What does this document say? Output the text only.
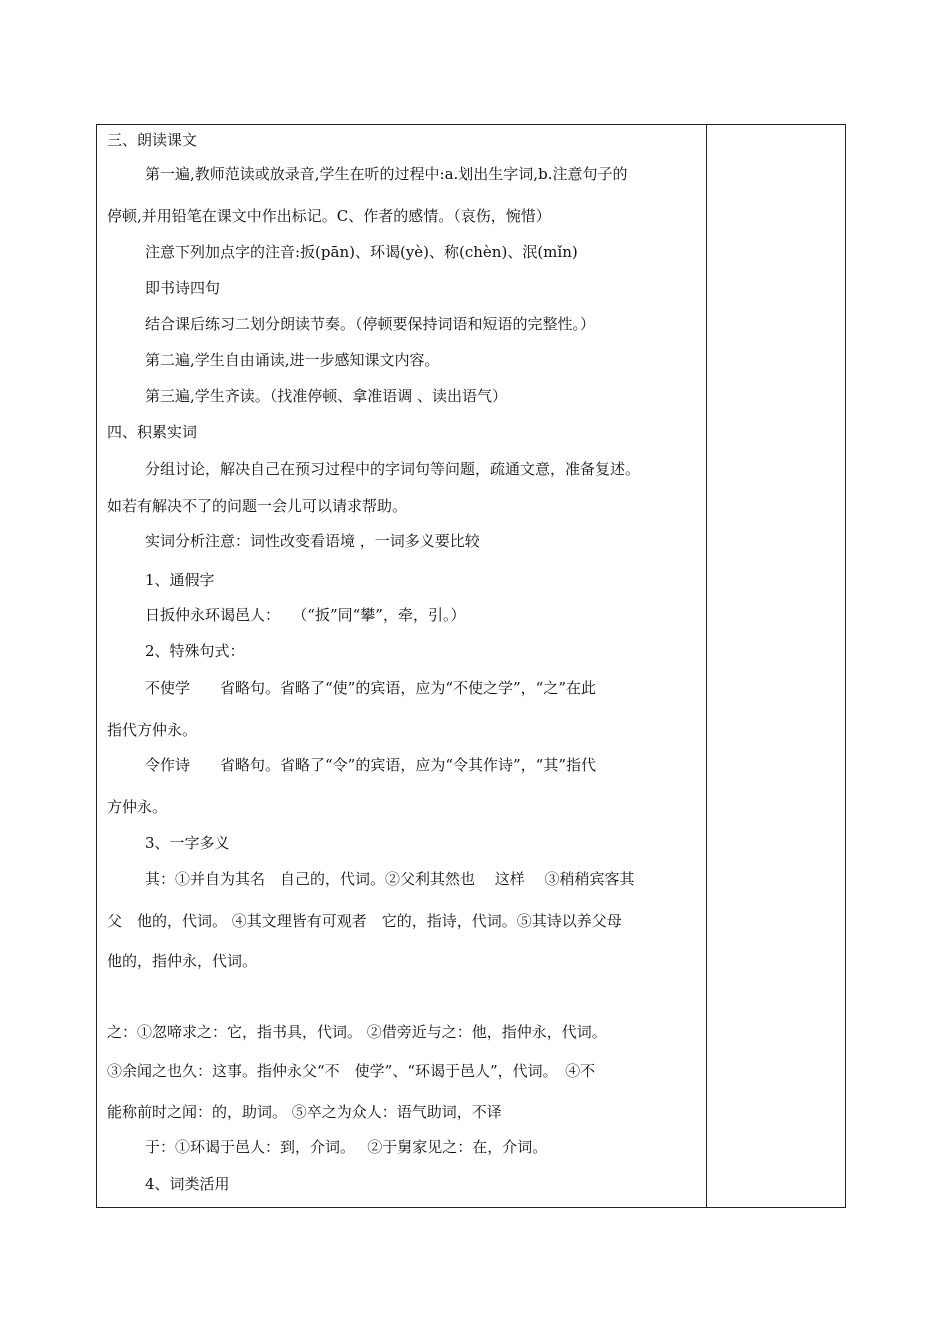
三、朗读课文
第一遍,教师范读或放录音,学生在听的过程中:a.划出生字词,b.注意句子的
停顿,并用铅笔在课文中作出标记。C、作者的感情。（哀伤，惋惜）
注意下列加点字的注音:扳(pān)、环谒(yè)、称(chèn)、泯(mǐn)
即书诗四句
结合课后练习二划分朗读节奏。（停顿要保持词语和短语的完整性。）
第二遍,学生自由诵读,进一步感知课文内容。
第三遍,学生齐读。（找准停顿、拿准语调 、读出语气）
四、积累实词
分组讨论，解决自己在预习过程中的字词句等问题，疏通文意，准备复述。
如若有解决不了的问题一会儿可以请求帮助。
实词分析注意：词性改变看语境 ，一词多义要比较
1、通假字
日扳仲永环谒邑人：　 （“扳”同“攀”，牵，引。）
2、特殊句式：
不使学　　省略句。省略了“使”的宾语，应为“不使之学”，“之”在此
指代方仲永。
令作诗　　省略句。省略了“令”的宾语，应为“令其作诗”，“其”指代
方仲永。
3、一字多义
其：①并自为其名　自己的，代词。②父利其然也　 这样　 ③稍稍宾客其
父　他的，代词。 ④其文理皆有可观者　它的，指诗，代词。⑤其诗以养父母
他的，指仲永，代词。
之：①忽啼求之：它，指书具，代词。 ②借旁近与之：他，指仲永，代词。
③余闻之也久：这事。指仲永父“不　使学”、“环谒于邑人”，代词。　④不
能称前时之闻：的，助词。 ⑤卒之为众人：语气助词，不译
于：①环谒于邑人：到，介词。　 ②于舅家见之：在，介词。
4、词类活用
